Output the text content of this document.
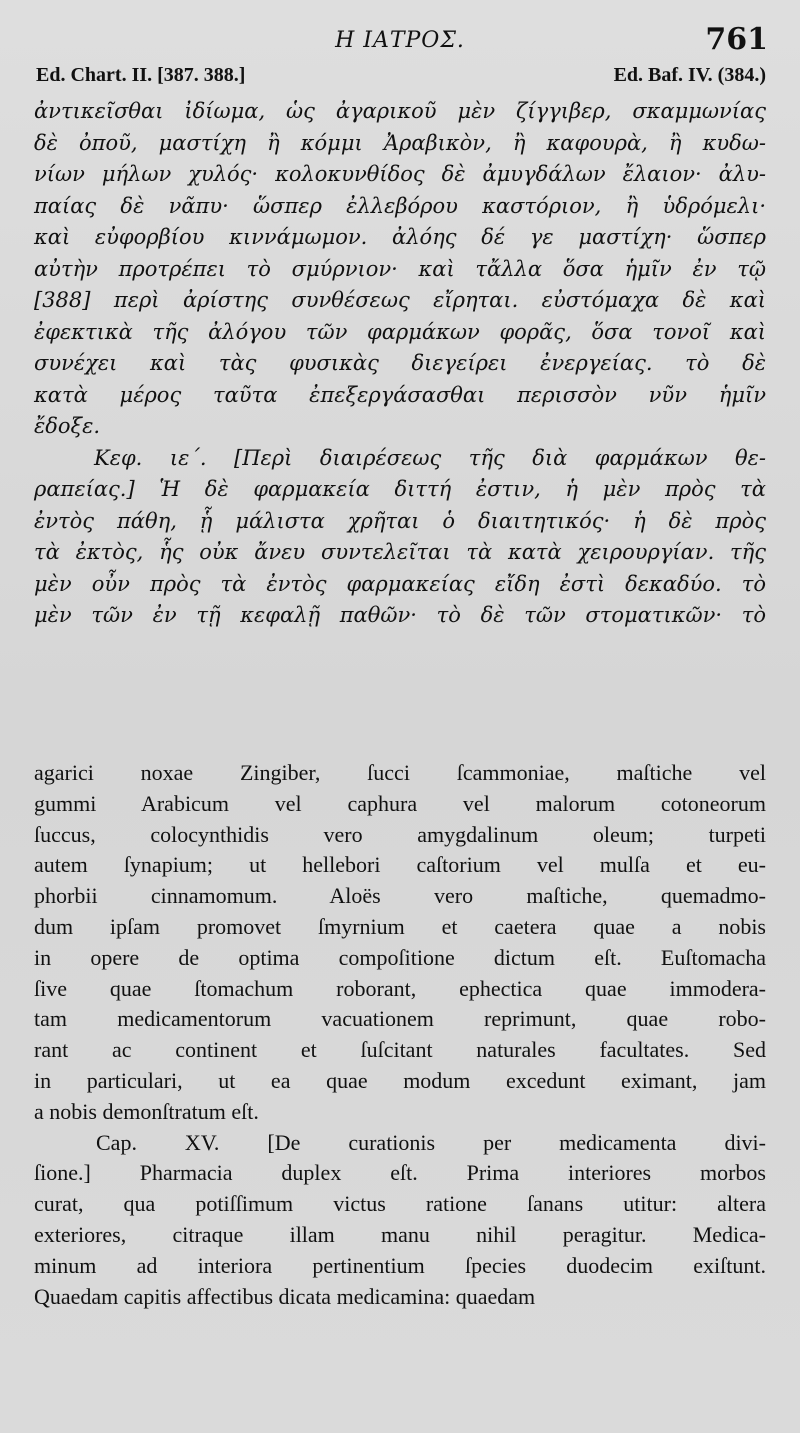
Η ΙΑΤΡΟΣ.	761
Ed. Chart. II. [387. 388.]	Ed. Baf. IV. (384.)
ἀντικεῖσθαι ἰδίωμα, ὡς ἀγαρικοῦ μὲν ζίγγιβερ, σκαμμωνίας
δὲ ὀποῦ, μαστίχη ἢ κόμμι Ἀραβικὸν, ἢ καφουρὰ, ἢ κυδω-
νίων μήλων χυλός· κολοκυνθίδος δὲ ἀμυγδάλων ἔλαιον· ἀλυ-
παίας δὲ νᾶπυ· ὥσπερ ἐλλεβόρου καστόριον, ἢ ὑδρόμελι·
καὶ εὐφορβίου κιννάμωμον. ἀλόης δέ γε μαστίχη· ὥσπερ
αὐτὴν προτρέπει τὸ σμύρνιον· καὶ τἄλλα ὅσα ἡμῖν ἐν τῷ
[388] περὶ ἀρίστης συνθέσεως εἴρηται. εὐστόμαχα δὲ καὶ
ἐφεκτικὰ τῆς ἀλόγου τῶν φαρμάκων φορᾶς, ὅσα τονοῖ καὶ
συνέχει καὶ τὰς φυσικὰς διεγείρει ἐνεργείας. τὸ δὲ
κατὰ μέρος ταῦτα ἐπεξεργάσασθαι περισσὸν νῦν ἡμῖν
ἔδοξε.
Κεφ. ιε΄. [Περὶ διαιρέσεως τῆς διὰ φαρμάκων θε-
ραπείας.] Ἡ δὲ φαρμακεία διττή ἐστιν, ἡ μὲν πρὸς τὰ
ἐντὸς πάθη, ᾗ μάλιστα χρῆται ὁ διαιτητικός· ἡ δὲ πρὸς
τὰ ἐκτὸς, ἧς οὐκ ἄνευ συντελεῖται τὰ κατὰ χειρουργίαν. τῆς
μὲν οὖν πρὸς τὰ ἐντὸς φαρμακείας εἴδη ἐστὶ δεκαδύο. τὸ
μὲν τῶν ἐν τῇ κεφαλῇ παθῶν· τὸ δὲ τῶν στοματικῶν· τὸ
agarici noxae Zingiber, ſucci ſcammoniae, maſtiche vel
gummi Arabicum vel caphura vel malorum cotoneorum
ſuccus, colocynthidis vero amygdalinum oleum; turpeti
autem ſynapium; ut hellebori caſtorium vel mulſa et eu-
phorbii cinnamomum. Aloës vero maſtiche, quemadmo-
dum ipſam promovet ſmyrnium et caetera quae a nobis
in opere de optima compoſitione dictum eſt. Euſtomacha
ſive quae ſtomachum roborant, ephectica quae immodera-
tam medicamentorum vacuationem reprimunt, quae robo-
rant ac continent et ſuſcitant naturales facultates. Sed
in particulari, ut ea quae modum excedunt eximant, jam
a nobis demonſtratum eſt.
Cap. XV. [De curationis per medicamenta divi-
ſione.] Pharmacia duplex eſt. Prima interiores morbos
curat, qua potiſſimum victus ratione ſanans utitur: altera
exteriores, citraque illam manu nihil peragitur. Medica-
minum ad interiora pertinentium ſpecies duodecim exiſtunt.
Quaedam capitis affectibus dicata medicamina: quaedam
